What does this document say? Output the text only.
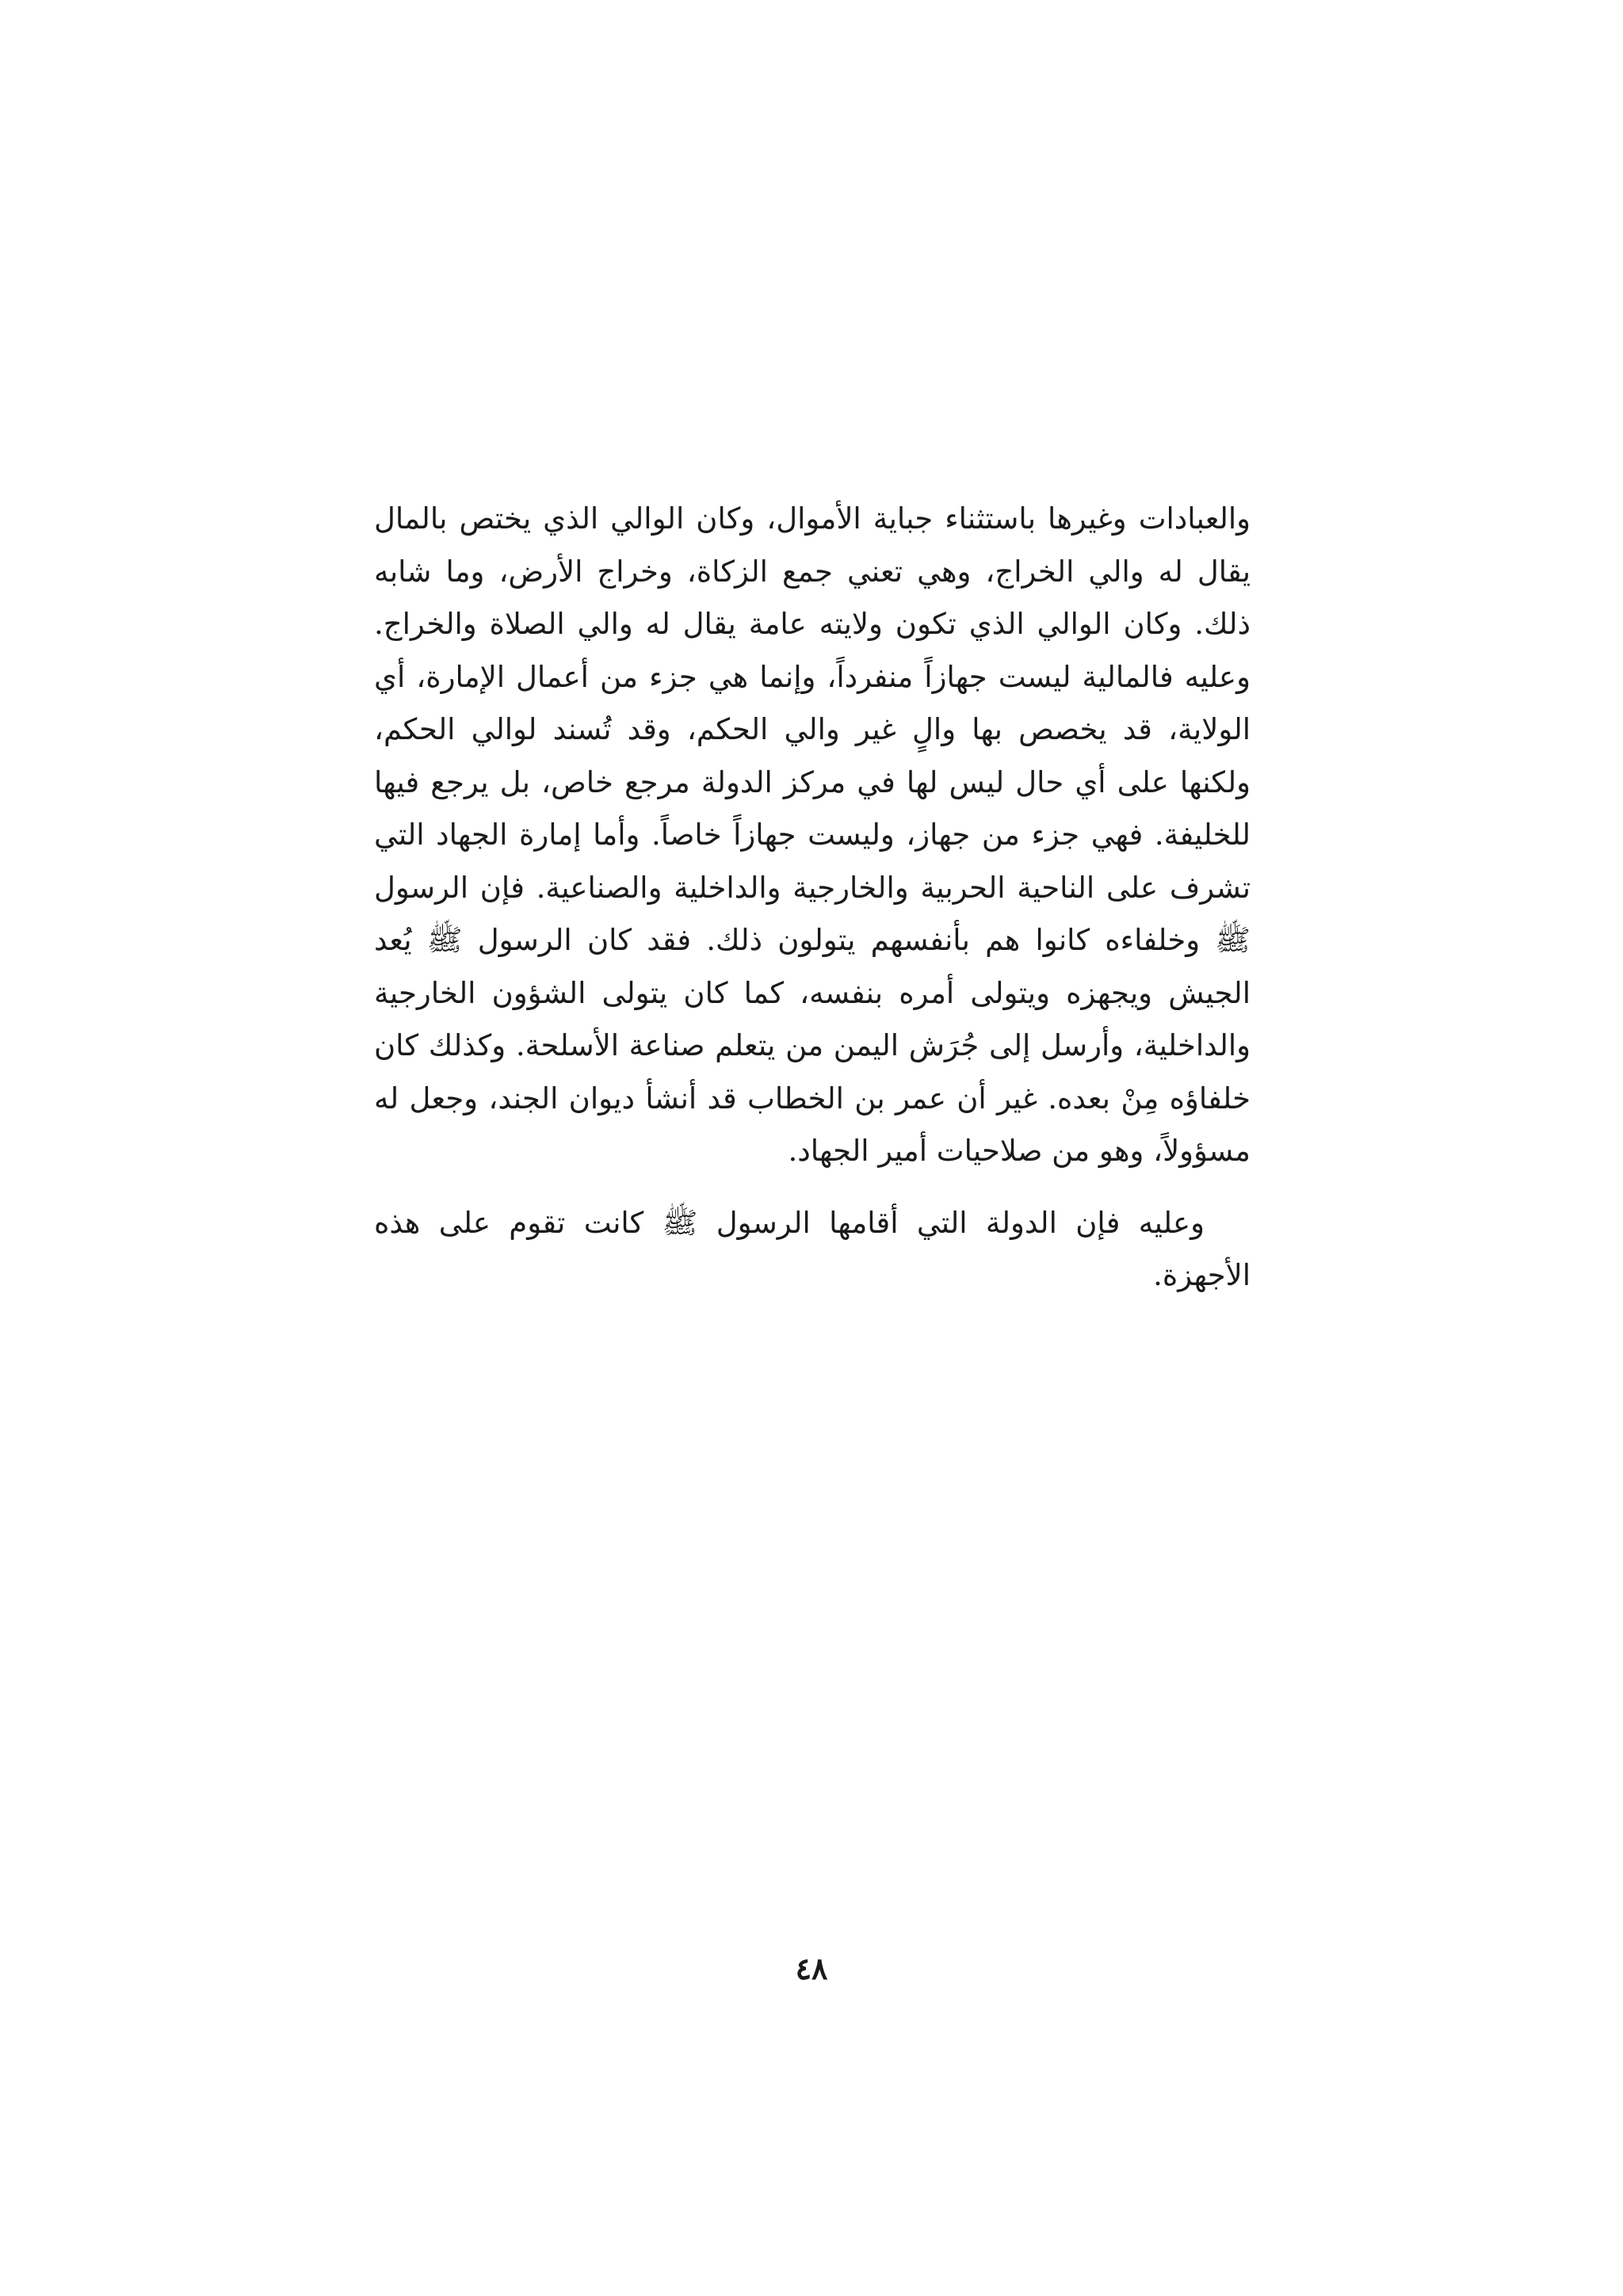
والعبادات وغيرها باستثناء جباية الأموال، وكان الوالي الذي يختص بالمال يقال له والي الخراج، وهي تعني جمع الزكاة، وخراج الأرض، وما شابه ذلك. وكان الوالي الذي تكون ولايته عامة يقال له والي الصلاة والخراج. وعليه فالمالية ليست جهازاً منفرداً، وإنما هي جزء من أعمال الإمارة، أي الولاية، قد يخصص بها والٍ غير والي الحكم، وقد تُسند لوالي الحكم، ولكنها على أي حال ليس لها في مركز الدولة مرجع خاص، بل يرجع فيها للخليفة. فهي جزء من جهاز، وليست جهازاً خاصاً. وأما إمارة الجهاد التي تشرف على الناحية الحربية والخارجية والداخلية والصناعية. فإن الرسول ﷺ وخلفاءه كانوا هم بأنفسهم يتولون ذلك. فقد كان الرسول ﷺ يُعد الجيش ويجهزه ويتولى أمره بنفسه، كما كان يتولى الشؤون الخارجية والداخلية، وأرسل إلى جُرَش اليمن من يتعلم صناعة الأسلحة. وكذلك كان خلفاؤه مِنْ بعده. غير أن عمر بن الخطاب قد أنشأ ديوان الجند، وجعل له مسؤولاً، وهو من صلاحيات أمير الجهاد.

وعليه فإن الدولة التي أقامها الرسول ﷺ كانت تقوم على هذه الأجهزة.

٤٨
